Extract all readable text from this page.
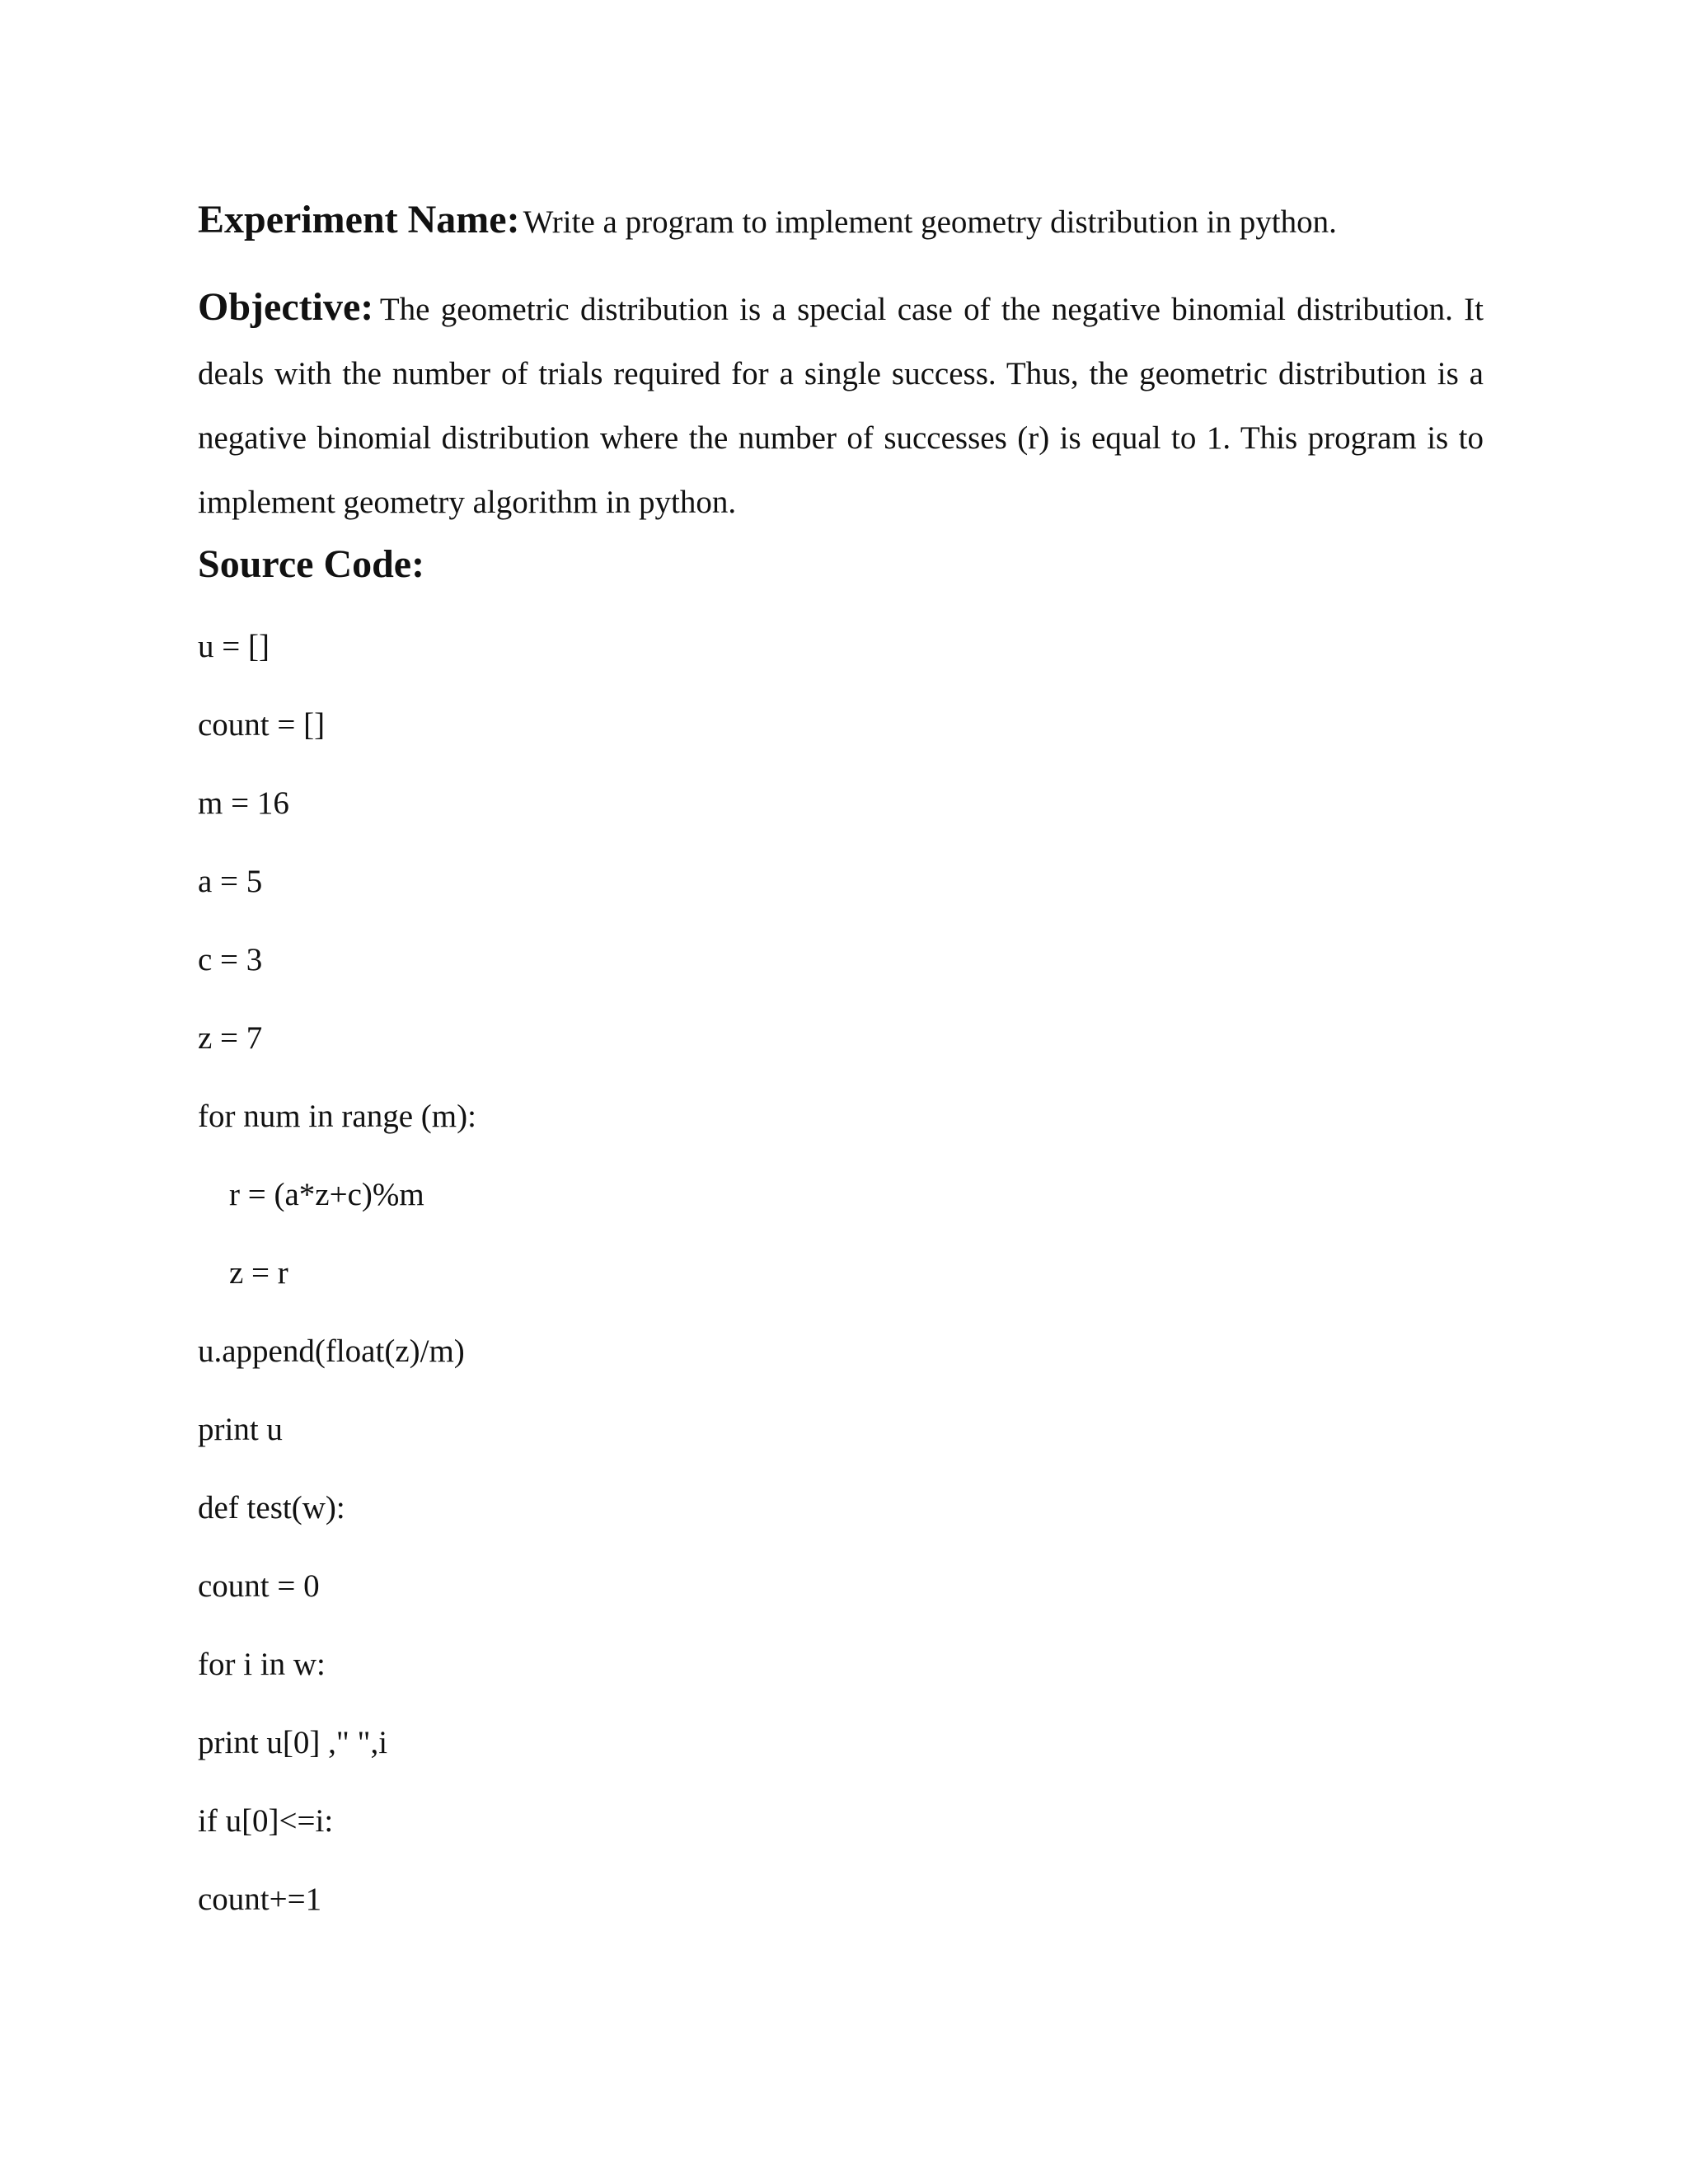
Experiment Name: Write a program to implement geometry distribution in python.

Objective: The geometric distribution is a special case of the negative binomial distribution. It deals with the number of trials required for a single success. Thus, the geometric distribution is a negative binomial distribution where the number of successes (r) is equal to 1. This program is to implement geometry algorithm in python.

Source Code:
u = []
count = []
m = 16
a = 5
c = 3
z = 7
for num in range (m):
r = (a*z+c)%m
z = r
u.append(float(z)/m)
print u
def test(w):
count = 0
for i in w:
print u[0] ," ",i
if u[0]<=i:
count+=1
